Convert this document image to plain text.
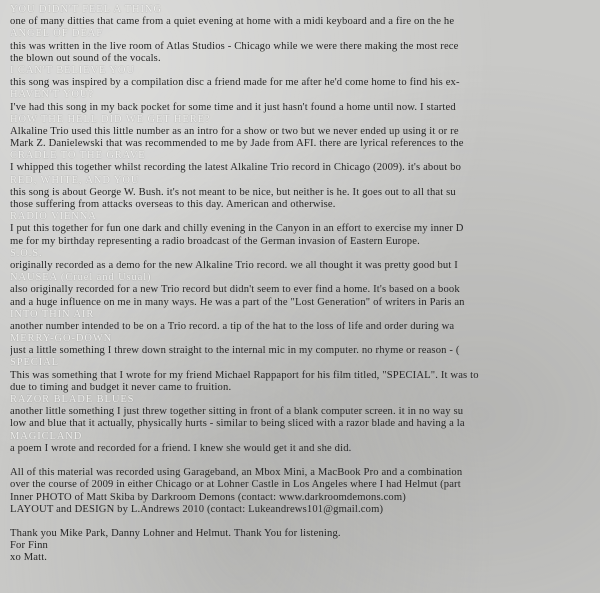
YOU DIDN'T FEEL A THING
one of many ditties that came from a quiet evening at home with a midi keyboard and a fire on the he
ANGEL OF DEAF
this was written in the live room of Atlas Studios - Chicago while we were there making the most rece
the blown out sound of the vocals.
I CAN'T BELIEVE YOU
this song was inspired by a compilation disc a friend made for me after he'd come home to find his ex-
HAVEN'T YOU?
I've had this song in my back pocket for some time and it just hasn't found a home until now. I started
HOW THE HELL DID WE GET HERE?
Alkaline Trio used this little number as an intro for a show or two but we never ended up using it or re
Mark Z. Danielewski that was recommended to me by Jade from AFI. there are lyrical references to the
CRADLE TO THE GRAVE
I whipped this together whilst recording the latest Alkaline Trio record in Chicago (2009). it's about bo
RED, WHITE, AND YOU
this song is about George W. Bush. it's not meant to be nice, but neither is he. It goes out to all that su
those suffering from attacks overseas to this day. American and otherwise.
RADIO VIENNA
I put this together for fun one dark and chilly evening in the Canyon in an effort to exercise my inner D
me for my birthday representing a radio broadcast of the German invasion of Eastern Europe.
S.O.S.
originally recorded as a demo for the new Alkaline Trio record. we all thought it was pretty good but I
NAUSEA (Cruel and Usual)
also originally recorded for a new Trio record but didn't seem to ever find a home. It's based on a book
and a huge influence on me in many ways. He was a part of the "Lost Generation" of writers in Paris an
INTO THIN AIR
another number intended to be on a Trio record. a tip of the hat to the loss of life and order during wa
MERRY-GO-DOWN
just a little something I threw down straight to the internal mic in my computer. no rhyme or reason - (
SPECIAL
This was something that I wrote for my friend Michael Rappaport for his film titled, "SPECIAL". It was to
due to timing and budget it never came to fruition.
RAZOR BLADE BLUES
another little something I just threw together sitting in front of a blank computer screen. it in no way su
low and blue that it actually, physically hurts - similar to being sliced with a razor blade and having a la
MAGICLAND
a poem I wrote and recorded for a friend. I knew she would get it and she did.
All of this material was recorded using Garageband, an Mbox Mini, a MacBook Pro and a combination
over the course of 2009 in either Chicago or at Lohner Castle in Los Angeles where I had Helmut (part
Inner PHOTO of Matt Skiba by Darkroom Demons (contact: www.darkroomdemons.com)
LAYOUT and DESIGN by L.Andrews 2010 (contact: Lukeandrews101@gmail.com)
Thank you Mike Park, Danny Lohner and Helmut. Thank You for listening.
For Finn
xo Matt.
